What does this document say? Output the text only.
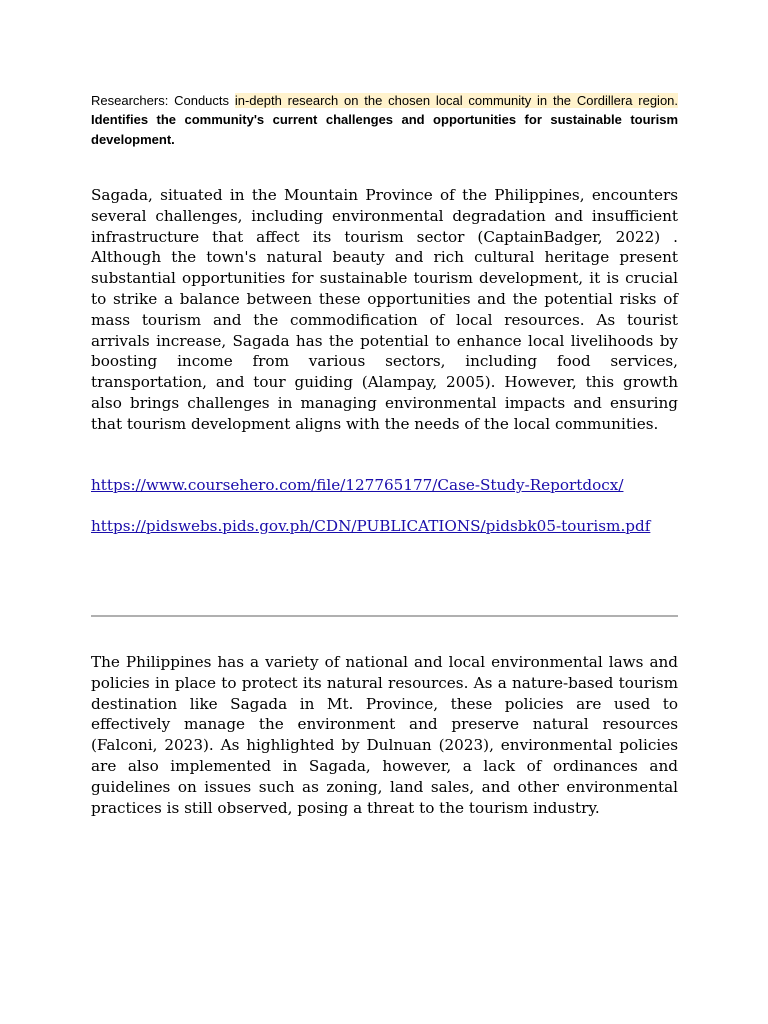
Researchers: Conducts in-depth research on the chosen local community in the Cordillera region. Identifies the community's current challenges and opportunities for sustainable tourism development.

Sagada, situated in the Mountain Province of the Philippines, encounters several challenges, including environmental degradation and insufficient infrastructure that affect its tourism sector (CaptainBadger, 2022) . Although the town's natural beauty and rich cultural heritage present substantial opportunities for sustainable tourism development, it is crucial to strike a balance between these opportunities and the potential risks of mass tourism and the commodification of local resources. As tourist arrivals increase, Sagada has the potential to enhance local livelihoods by boosting income from various sectors, including food services, transportation, and tour guiding (Alampay, 2005). However, this growth also brings challenges in managing environmental impacts and ensuring that tourism development aligns with the needs of the local communities.

https://www.coursehero.com/file/127765177/Case-Study-Reportdocx/
https://pidswebs.pids.gov.ph/CDN/PUBLICATIONS/pidsbk05-tourism.pdf

The Philippines has a variety of national and local environmental laws and policies in place to protect its natural resources. As a nature-based tourism destination like Sagada in Mt. Province, these policies are used to effectively manage the environment and preserve natural resources (Falconi, 2023). As highlighted by Dulnuan (2023), environmental policies are also implemented in Sagada, however, a lack of ordinances and guidelines on issues such as zoning, land sales, and other environmental practices is still observed, posing a threat to the tourism industry.
